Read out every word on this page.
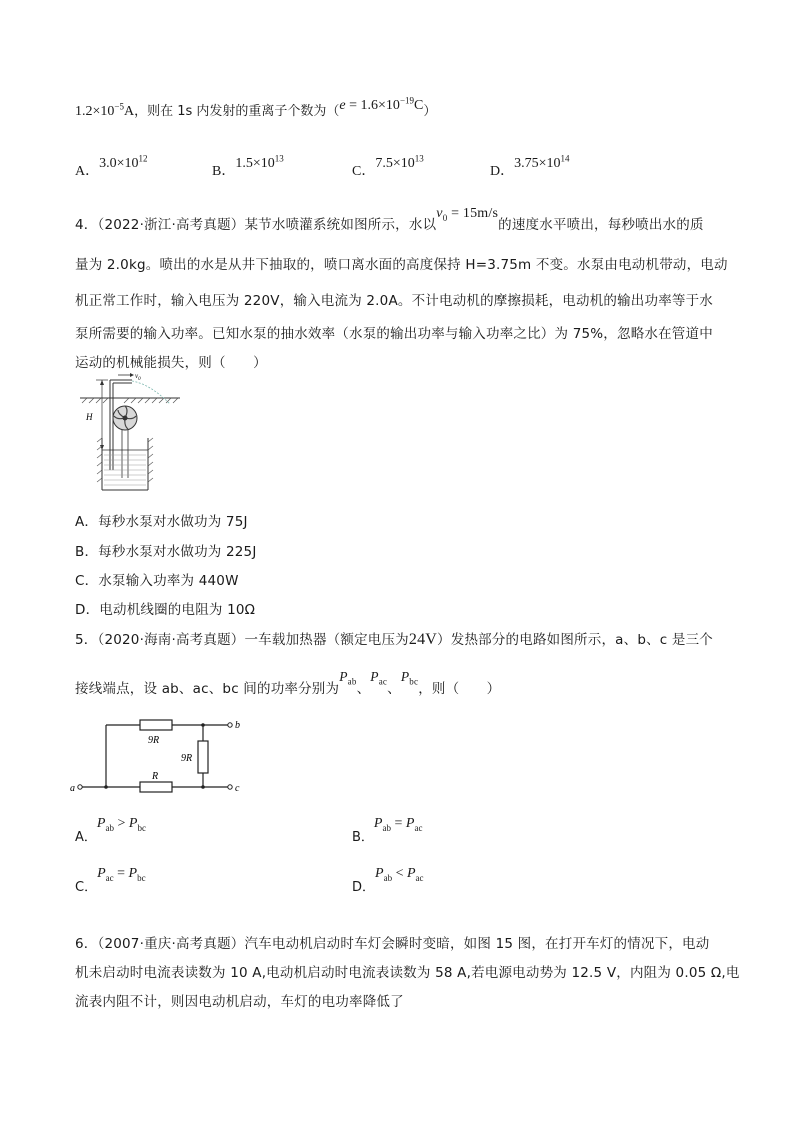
$1.2\times 10^{-5}A$，则在 1s 内发射的重离子个数为$(e = 1.6\times 10^{-19}C)$
A．$3.0\times 10^{12}$
B．$1.5\times 10^{13}$
C．$7.5\times 10^{13}$
D．$3.75\times 10^{14}$
4．（2022·浙江·高考真题）某节水喷灌系统如图所示，水以$v_0 = 15m/s$的速度水平喷出，每秒喷出水的质
量为 2.0kg。喷出的水是从井下抽取的，喷口离水面的高度保持 H=3.75m 不变。水泵由电动机带动，电动
机正常工作时，输入电压为 220V，输入电流为 2.0A。不计电动机的摩擦损耗，电动机的输出功率等于水
泵所需要的输入功率。已知水泵的抽水效率（水泵的输出功率与输入功率之比）为 75%，忽略水在管道中
运动的机械能损失，则（　　）
$v_0$
H
A．每秒水泵对水做功为 75J
B．每秒水泵对水做功为 225J
C．水泵输入功率为 440W
D．电动机线圈的电阻为 10Ω
5．（2020·海南·高考真题）一车载加热器（额定电压为24V）发热部分的电路如图所示，a、b、c 是三个
接线端点，设 ab、ac、bc 间的功率分别为$P_{ab}$、$P_{ac}$、$P_{bc}$，则（　　）
9R
9R
R
a
b
c
A．$P_{ab} > P_{bc}$
B．$P_{ab} = P_{ac}$
C．$P_{ac} = P_{bc}$
D．$P_{ab} < P_{ac}$
6．（2007·重庆·高考真题）汽车电动机启动时车灯会瞬时变暗，如图 15 图，在打开车灯的情况下，电动
机未启动时电流表读数为 10 A,电动机启动时电流表读数为 58 A,若电源电动势为 12.5 V，内阻为 0.05 Ω,电
流表内阻不计，则因电动机启动，车灯的电功率降低了
